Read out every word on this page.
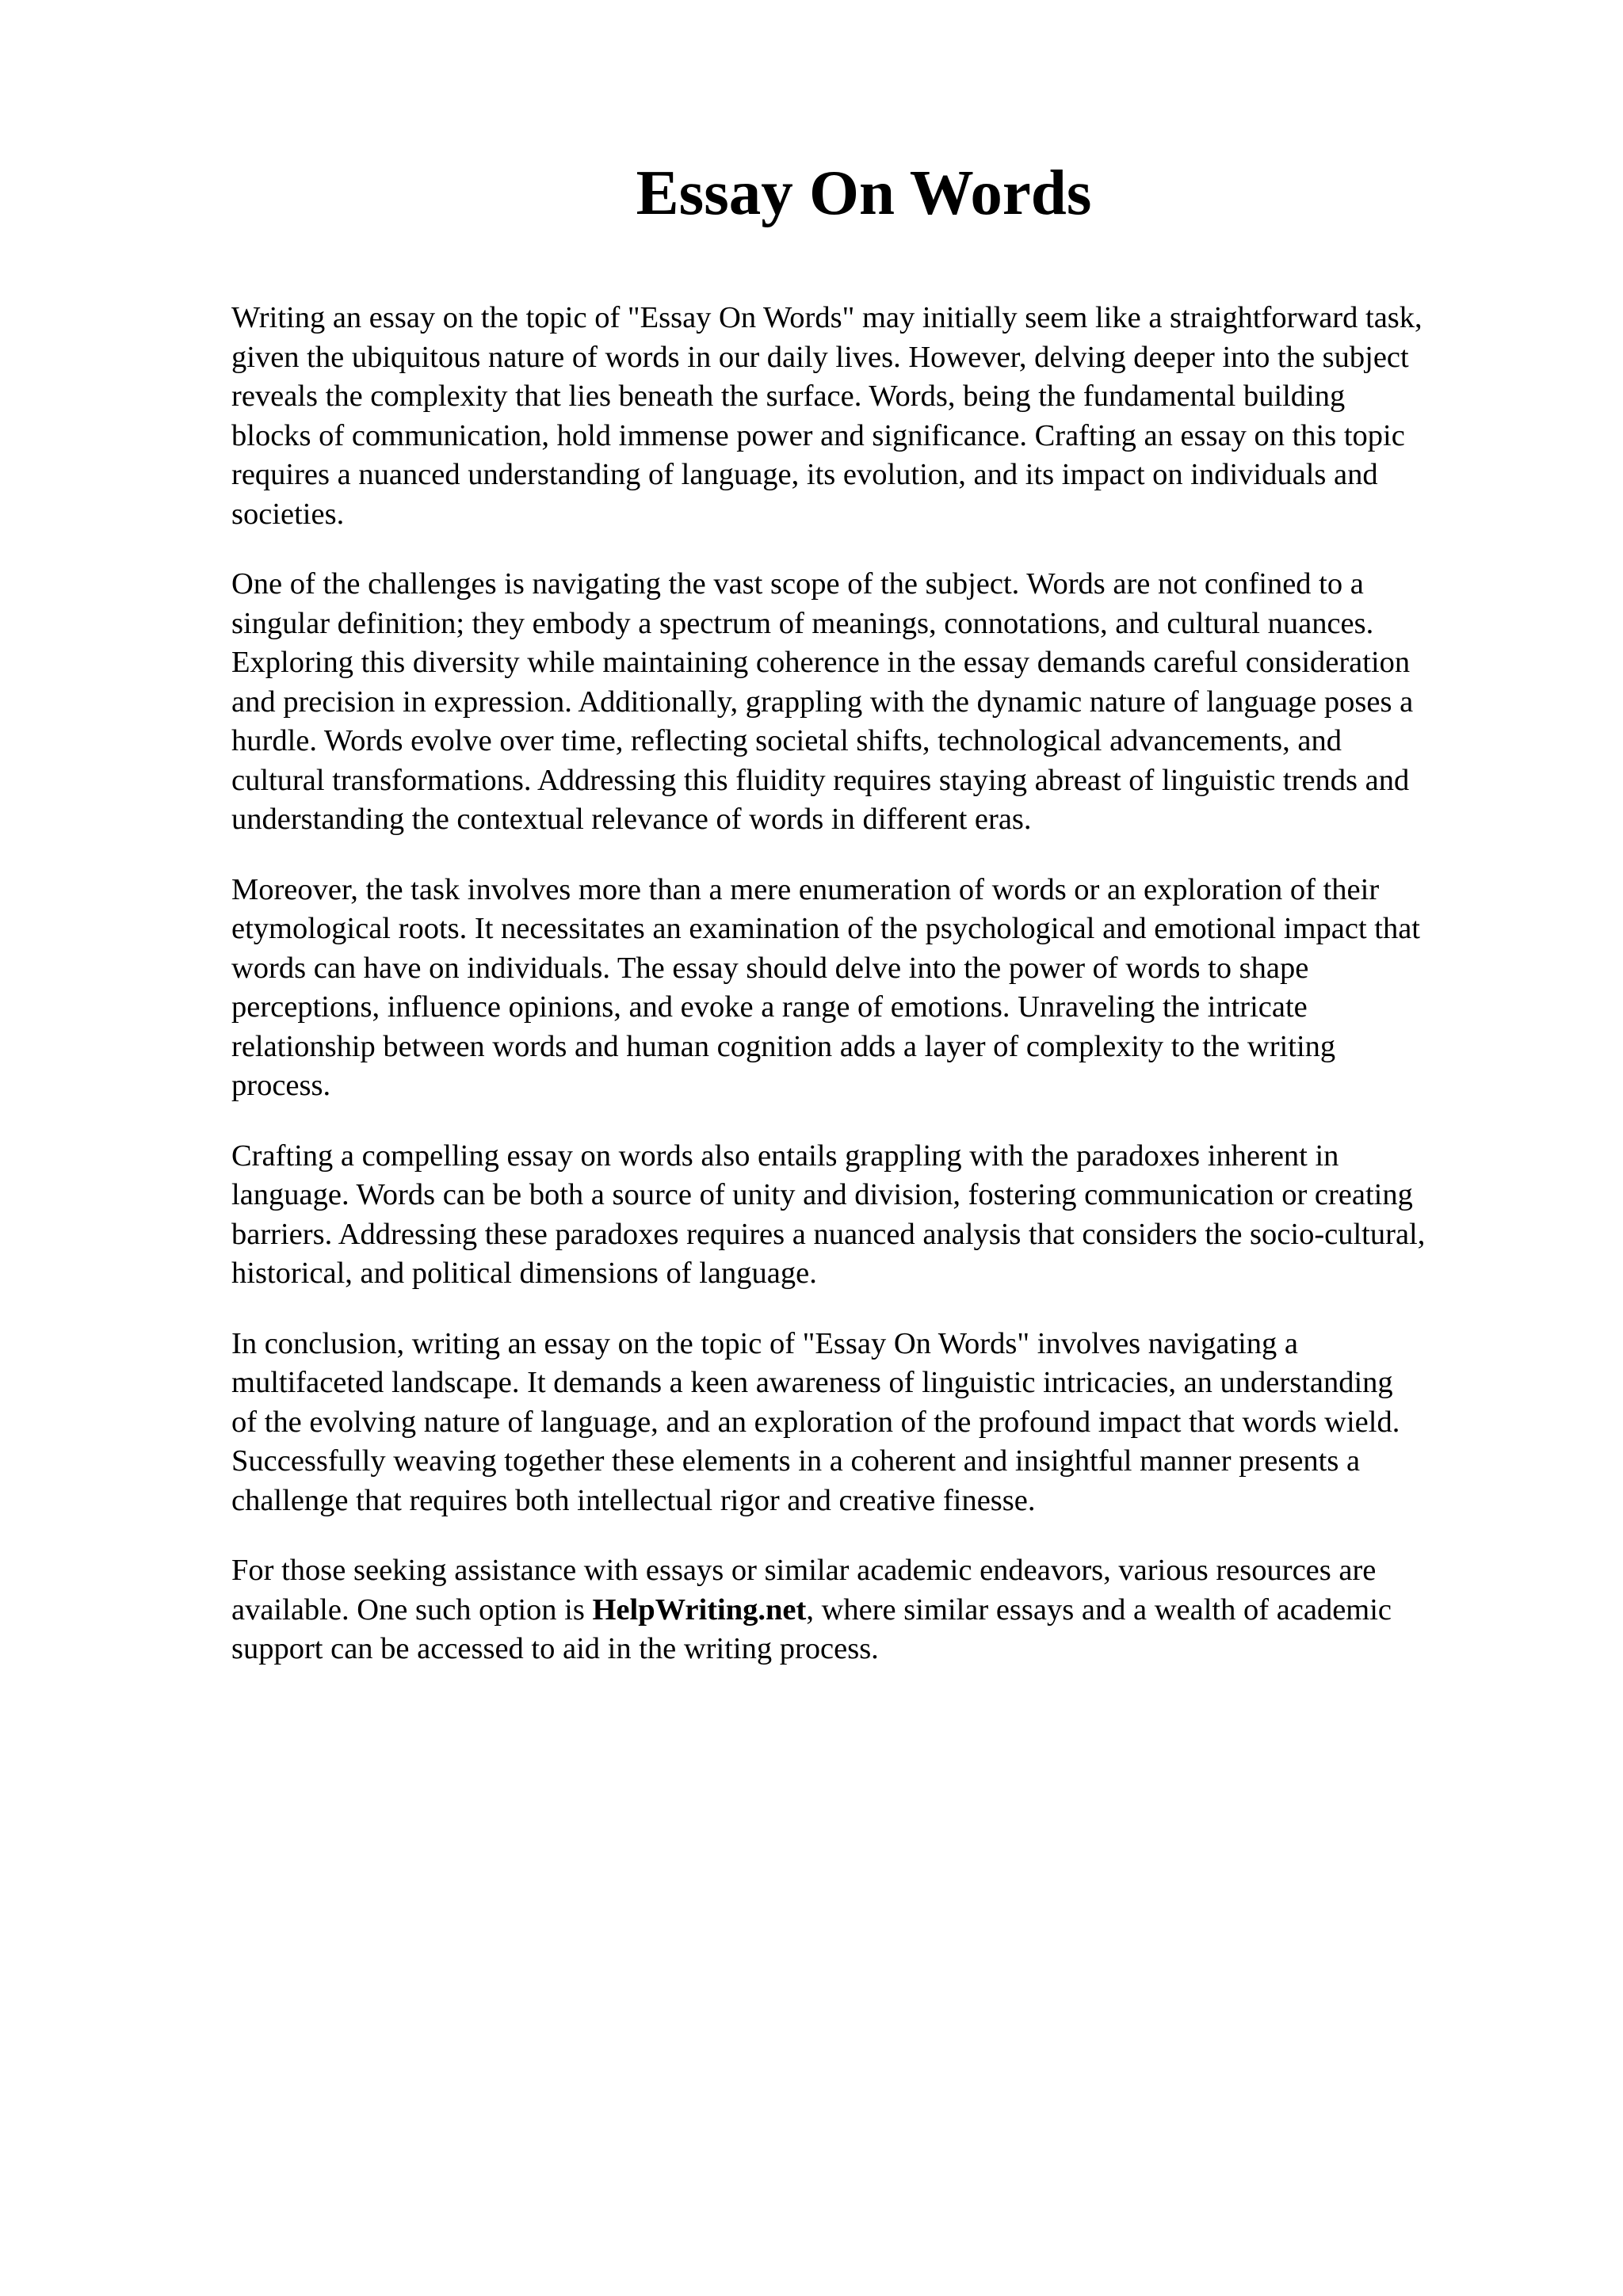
Essay On Words

Writing an essay on the topic of "Essay On Words" may initially seem like a straightforward task,
given the ubiquitous nature of words in our daily lives. However, delving deeper into the subject
reveals the complexity that lies beneath the surface. Words, being the fundamental building
blocks of communication, hold immense power and significance. Crafting an essay on this topic
requires a nuanced understanding of language, its evolution, and its impact on individuals and
societies.

One of the challenges is navigating the vast scope of the subject. Words are not confined to a
singular definition; they embody a spectrum of meanings, connotations, and cultural nuances.
Exploring this diversity while maintaining coherence in the essay demands careful consideration
and precision in expression. Additionally, grappling with the dynamic nature of language poses a
hurdle. Words evolve over time, reflecting societal shifts, technological advancements, and
cultural transformations. Addressing this fluidity requires staying abreast of linguistic trends and
understanding the contextual relevance of words in different eras.

Moreover, the task involves more than a mere enumeration of words or an exploration of their
etymological roots. It necessitates an examination of the psychological and emotional impact that
words can have on individuals. The essay should delve into the power of words to shape
perceptions, influence opinions, and evoke a range of emotions. Unraveling the intricate
relationship between words and human cognition adds a layer of complexity to the writing
process.

Crafting a compelling essay on words also entails grappling with the paradoxes inherent in
language. Words can be both a source of unity and division, fostering communication or creating
barriers. Addressing these paradoxes requires a nuanced analysis that considers the socio-cultural,
historical, and political dimensions of language.

In conclusion, writing an essay on the topic of "Essay On Words" involves navigating a
multifaceted landscape. It demands a keen awareness of linguistic intricacies, an understanding
of the evolving nature of language, and an exploration of the profound impact that words wield.
Successfully weaving together these elements in a coherent and insightful manner presents a
challenge that requires both intellectual rigor and creative finesse.

For those seeking assistance with essays or similar academic endeavors, various resources are
available. One such option is HelpWriting.net, where similar essays and a wealth of academic
support can be accessed to aid in the writing process.
